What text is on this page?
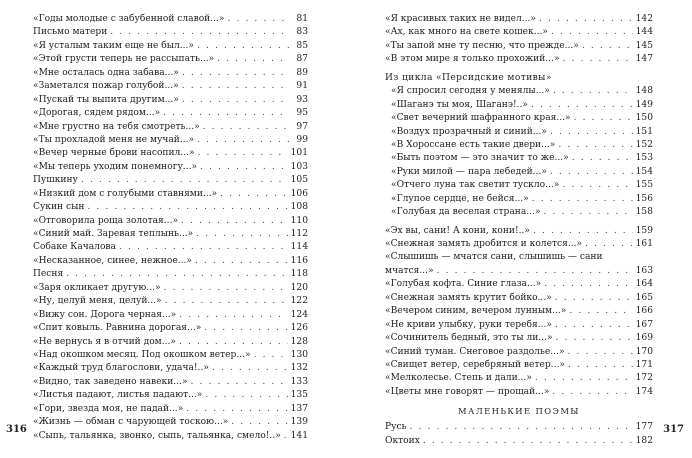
«Годы молодые с забубенной славой...» . . .	81
Письмо матери . . .	83
«Я усталым таким еще не был...» . . .	85
«Этой грусти теперь не рассыпать...» . . .	87
«Мне осталась одна забава...» . . .	89
«Заметался пожар голубой...» . . .	91
«Пускай ты выпита другим...» . . .	93
«Дорогая, сядем рядом...» . . .	95
«Мне грустно на тебя смотреть...» . . .	97
«Ты прохладой меня не мучай...» . . .	99
«Вечер черные брови насопил...» . . .	101
«Мы теперь уходим понемногу...» . . .	103
Пушкину . . .	105
«Низкий дом с голубыми ставнями...» . . .	106
Сукин сын . . .	108
«Отговорила роща золотая...» . . .	110
«Синий май. Заревая теплынь...» . . .	112
Собаке Качалова . . .	114
«Несказанное, синее, нежное...» . . .	116
Песня . . .	118
«Заря окликает другую...» . . .	120
«Ну, целуй меня, целуй...» . . .	122
«Вижу сон. Дорога черная...» . . .	124
«Спит ковыль. Равнина дорогая...» . . .	126
«Не вернусь я в отчий дом...» . . .	128
«Над окошком месяц. Под окошком ветер...» . . .	130
«Каждый труд благослови, удача!..» . . .	132
«Видно, так заведено навеки...» . . .	133
«Листья падают, листья падают...» . . .	135
«Гори, звезда моя, не падай...» . . .	137
«Жизнь — обман с чарующей тоскою...» . . .	139
«Сыпь, тальянка, звонко, сыпь, тальянка, смело!..» . . . 141
316
«Я красивых таких не видел...» . . .	142
«Ах, как много на свете кошек...» . . .	144
«Ты запой мне ту песню, что прежде...» . . .	145
«В этом мире я только прохожий...» . . .	147
Из цикла «Персидские мотивы»
«Я спросил сегодня у менялы...» . . .	148
«Шаганэ ты моя, Шаганэ!..» . . .	149
«Свет вечерний шафранного края...» . . .	150
«Воздух прозрачный и синий...» . . .	151
«В Хороссане есть такие двери...» . . .	152
«Быть поэтом — это значит то же...» . . .	153
«Руки милой — пара лебедей...» . . .	154
«Отчего луна так светит тускло...» . . .	155
«Глупое сердце, не бейся...» . . .	156
«Голубая да веселая страна...» . . .	158
«Эх вы, сани! А кони, кони!..» . . .	159
«Снежная замять дробится и колется...» . . .	161
«Слышишь — мчатся сани, слышишь — сани
мчатся...» . . .	163
«Голубая кофта. Синие глаза...» . . .	164
«Снежная замять крутит бойко...» . . .	165
«Вечером синим, вечером лунным...» . . .	166
«Не криви улыбку, руки теребя...» . . .	167
«Сочинитель бедный, это ты ли...» . . .	169
«Синий туман. Снеговое раздолье...» . . .	170
«Свищет ветер, серебряный ветер...» . . .	171
«Мелколесье. Степь и дали...» . . .	172
«Цветы мне говорят — прощай...» . . .	174
МАЛЕНЬКИЕ ПОЭМЫ
Русь . . .	177
Октоих . . .	182
317
